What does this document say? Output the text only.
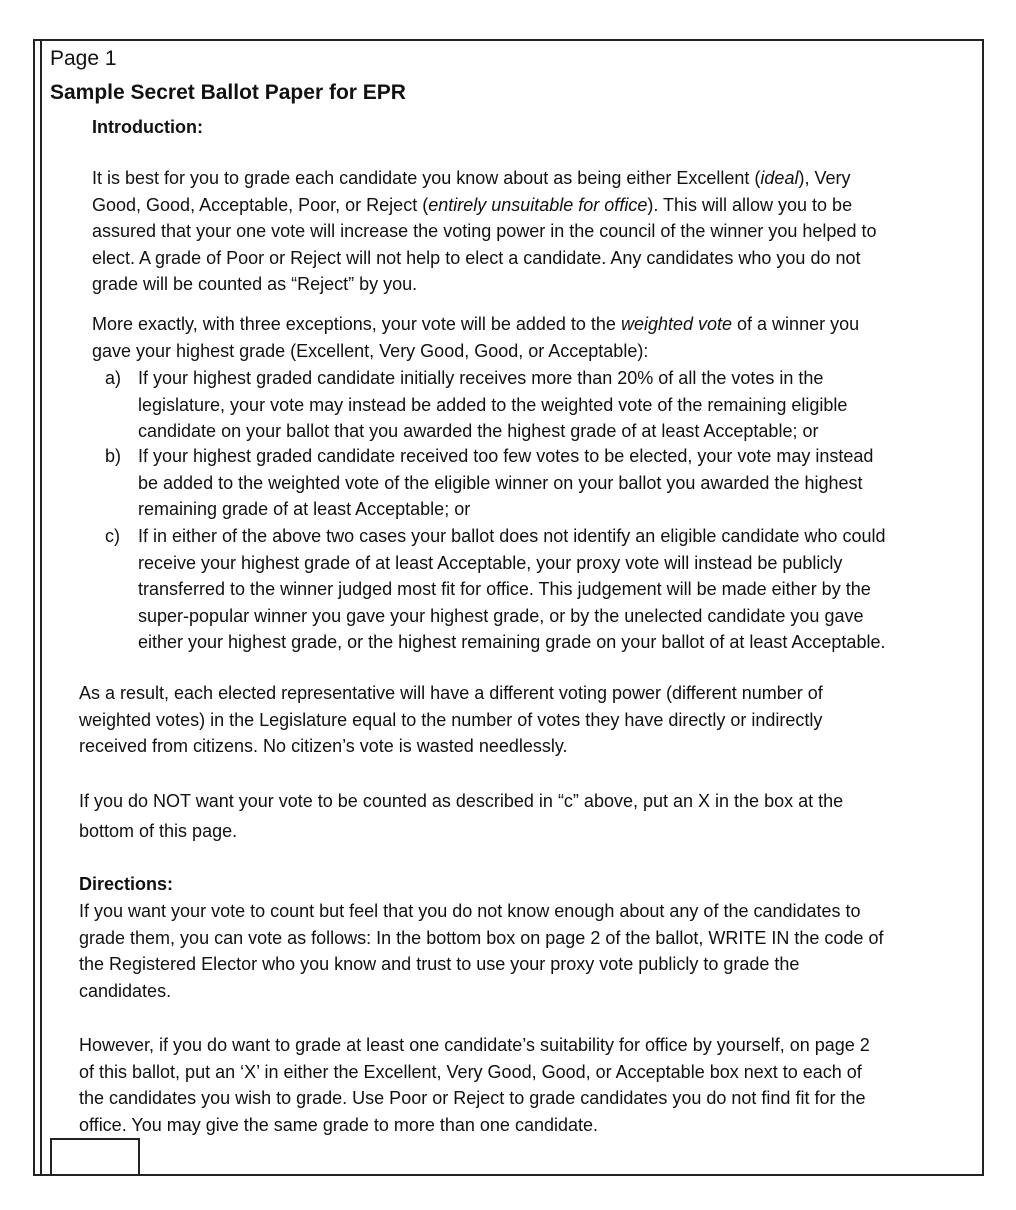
Page 1
Sample Secret Ballot Paper for EPR
Introduction:
It is best for you to grade each candidate you know about as being either Excellent (ideal), Very
Good, Good, Acceptable, Poor, or Reject (entirely unsuitable for office). This will allow you to be
assured that your one vote will increase the voting power in the council of the winner you helped to
elect. A grade of Poor or Reject will not help to elect a candidate. Any candidates who you do not
grade will be counted as “Reject” by you.
More exactly, with three exceptions, your vote will be added to the weighted vote of a winner you
gave your highest grade (Excellent, Very Good, Good, or Acceptable):
a) If your highest graded candidate initially receives more than 20% of all the votes in the
legislature, your vote may instead be added to the weighted vote of the remaining eligible
candidate on your ballot that you awarded the highest grade of at least Acceptable; or
b) If your highest graded candidate received too few votes to be elected, your vote may instead
be added to the weighted vote of the eligible winner on your ballot you awarded the highest
remaining grade of at least Acceptable; or
c) If in either of the above two cases your ballot does not identify an eligible candidate who could
receive your highest grade of at least Acceptable, your proxy vote will instead be publicly
transferred to the winner judged most fit for office. This judgement will be made either by the
super-popular winner you gave your highest grade, or by the unelected candidate you gave
either your highest grade, or the highest remaining grade on your ballot of at least Acceptable.
As a result, each elected representative will have a different voting power (different number of
weighted votes) in the Legislature equal to the number of votes they have directly or indirectly
received from citizens. No citizen’s vote is wasted needlessly.
If you do NOT want your vote to be counted as described in “c” above, put an X in the box at the
bottom of this page.
Directions:
If you want your vote to count but feel that you do not know enough about any of the candidates to
grade them, you can vote as follows: In the bottom box on page 2 of the ballot, WRITE IN the code of
the Registered Elector who you know and trust to use your proxy vote publicly to grade the
candidates.
However, if you do want to grade at least one candidate’s suitability for office by yourself, on page 2
of this ballot, put an ‘X’ in either the Excellent, Very Good, Good, or Acceptable box next to each of
the candidates you wish to grade. Use Poor or Reject to grade candidates you do not find fit for the
office. You may give the same grade to more than one candidate.
